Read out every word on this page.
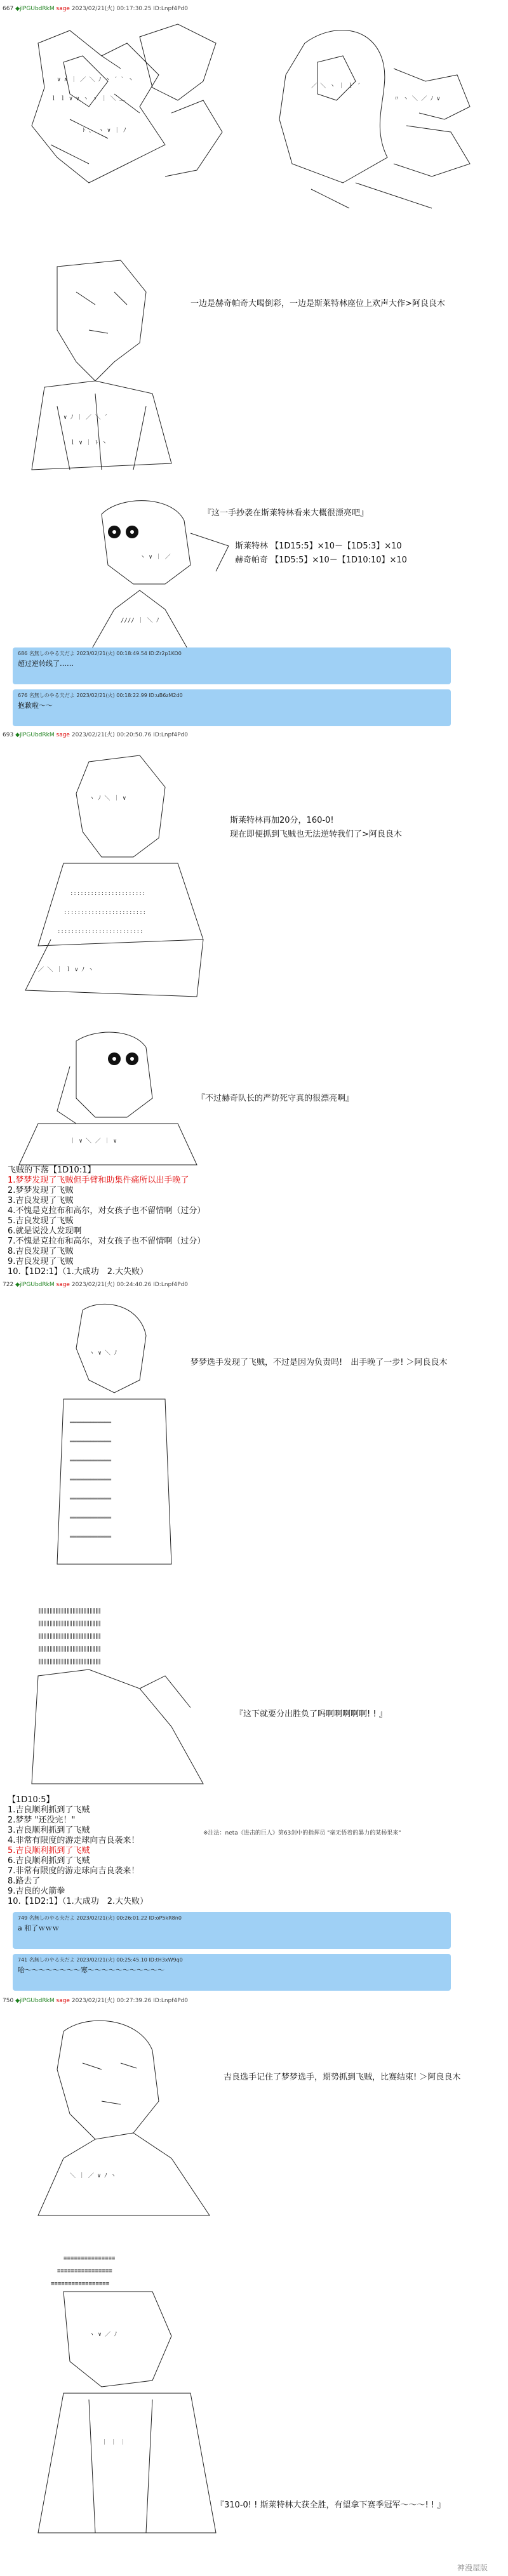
667 ◆jlPGUbdRkM sage 2023/02/21(火) 00:17:30.25 ID:Lnpf4Pd0
∨ ∧ ｜ ／ ＼ ﾉ 丶 ´ ` ヽ
ｌ ｌ ∨ ∨ ヽ ヽ ｜ ＼ ＿
ﾄ 、 ヽ ∨ ｜ ﾉ
／ ＼ ヽ ｜ ｌ ´
〃 ヽ ＼ ／ ﾉ ∨
∨ ﾉ ｜ ／ ＼ ´
ｌ ∨ ｜ ﾄ ヽ
一边是赫奇帕奇大喝倒彩，一边是斯莱特林座位上欢声大作>阿良良木
ヽ ∨ ｜ ／
//// ｜ ＼ ﾉ
『这一手抄袭在斯莱特林看来大概很漂亮吧』
斯莱特林 【1D15:5】×10－【1D5:3】×10
赫奇帕奇 【1D5:5】×10－【1D10:10】×10
686 名無しのやる夫だよ 2023/02/21(火) 00:18:49.54 ID:Zr2p1KO0
超过逆转线了……
676 名無しのやる夫だよ 2023/02/21(火) 00:18:22.99 ID:uB6zM2d0
抱歉啦～～
693 ◆jlPGUbdRkM sage 2023/02/21(火) 00:20:50.76 ID:Lnpf4Pd0
ヽ ﾉ ＼ ｜ ∨
::::::::::::::::::::::
::::::::::::::::::::::::
:::::::::::::::::::::::::
／ ＼ ｜ ｌ ∨ ﾉ ヽ
斯莱特林再加20分，160-0!
现在即便抓到飞贼也无法逆转我们了>阿良良木
｜ ∨ ＼ ／ ｜ ∨
『不过赫奇队长的严防死守真的很漂亮啊』
飞贼的下落【1D10:1】
1.梦梦发现了飞贼但手臂和助集件痛所以出手晚了
2.梦梦发现了飞贼
3.吉良发现了飞贼
4.不愧是克拉布和高尔，对女孩子也不留情啊（过分）
5.吉良发现了飞贼
6.就是说没人发现啊
7.不愧是克拉布和高尔，对女孩子也不留情啊（过分）
8.吉良发现了飞贼
9.吉良发现了飞贼
10.【1D2:1】（1.大成功　2.大失败）
722 ◆jlPGUbdRkM sage 2023/02/21(火) 00:24:40.26 ID:Lnpf4Pd0
════════════
════════════
════════════
════════════
════════════
════════════
════════════
ヽ ∨ ＼ ﾉ
梦梦选手发现了飞贼，不过是因为负责吗!　出手晚了一步! ＞阿良良木
∥∥∥∥∥∥∥∥∥∥∥∥∥∥∥∥∥∥∥∥∥∥
∥∥∥∥∥∥∥∥∥∥∥∥∥∥∥∥∥∥∥∥∥∥
∥∥∥∥∥∥∥∥∥∥∥∥∥∥∥∥∥∥∥∥∥∥
∥∥∥∥∥∥∥∥∥∥∥∥∥∥∥∥∥∥∥∥∥∥
∥∥∥∥∥∥∥∥∥∥∥∥∥∥∥∥∥∥∥∥∥∥
『这下就要分出胜负了吗啊啊啊啊啊! ! 』
【1D10:5】
1.吉良顺利抓到了飞贼
2.梦梦 "还没完！"
3.吉良顺利抓到了飞贼
4.非常有限度的游走球向吉良袭来！
5.吉良顺利抓到了飞贼
6.吉良顺利抓到了飞贼
7.非常有限度的游走球向吉良袭来！
8.路去了
9.吉良的火箭拳
10.【1D2:1】（1.大成功　2.大失败）
※注法：neta《进击的巨人》第63剑中的指挥员 "毫无悟着的暴力的某杨果来"
749 名無しのやる夫だよ 2023/02/21(火) 00:26:01.22 ID:oP5kR8n0
a 和了ｗｗｗ
741 名無しのやる夫だよ 2023/02/21(火) 00:25:45.10 ID:tH3xW9q0
哈～～～～～～～～寒～～～～～～～～～～～
750 ◆jlPGUbdRkM sage 2023/02/21(火) 00:27:39.26 ID:Lnpf4Pd0
＼ ｜ ／ ∨ ﾉ ヽ
吉良选手记住了梦梦选手，期势抓到飞贼，比赛结束! ＞阿良良木
≡≡≡≡≡≡≡≡≡≡≡≡≡≡≡
≡≡≡≡≡≡≡≡≡≡≡≡≡≡≡≡
≡≡≡≡≡≡≡≡≡≡≡≡≡≡≡≡≡
ヽ ∨ ／ ﾉ
｜ ｜ ｜
『310-0! ! 斯莱特林大获全胜，有望拿下赛季冠军～～～! ! 』
神漫屋版
